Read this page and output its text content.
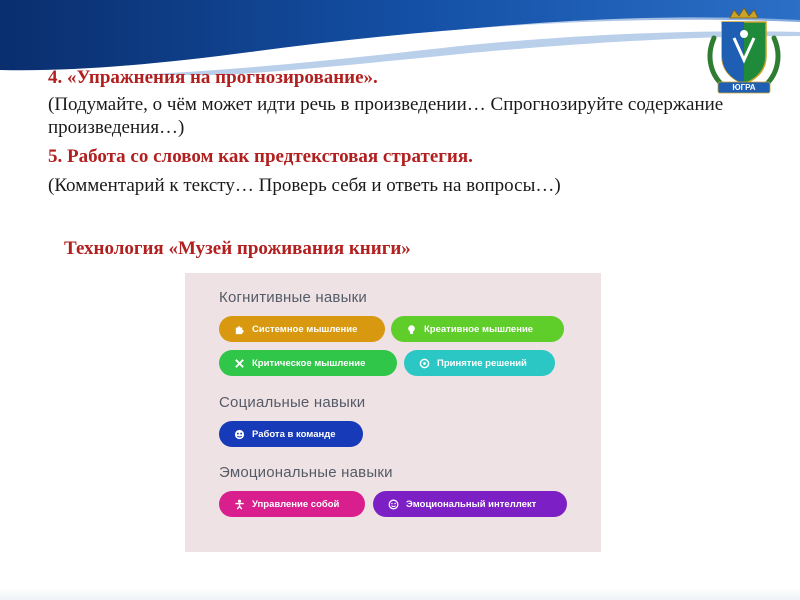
ЮГРА

4. «Упражнения на прогнозирование».

(Подумайте, о чём может идти речь в произведении… Спрогнозируйте содержание произведения…)

5. Работа со словом как предтекстовая стратегия.

(Комментарий к тексту… Проверь себя и ответь на вопросы…)

Технология «Музей проживания книги»
Когнитивные навыки
Системное мышление	Креативное мышление
Критическое мышление	Принятие решений
Социальные навыки
Работа в команде
Эмоциональные навыки
Управление собой	Эмоциональный интеллект
